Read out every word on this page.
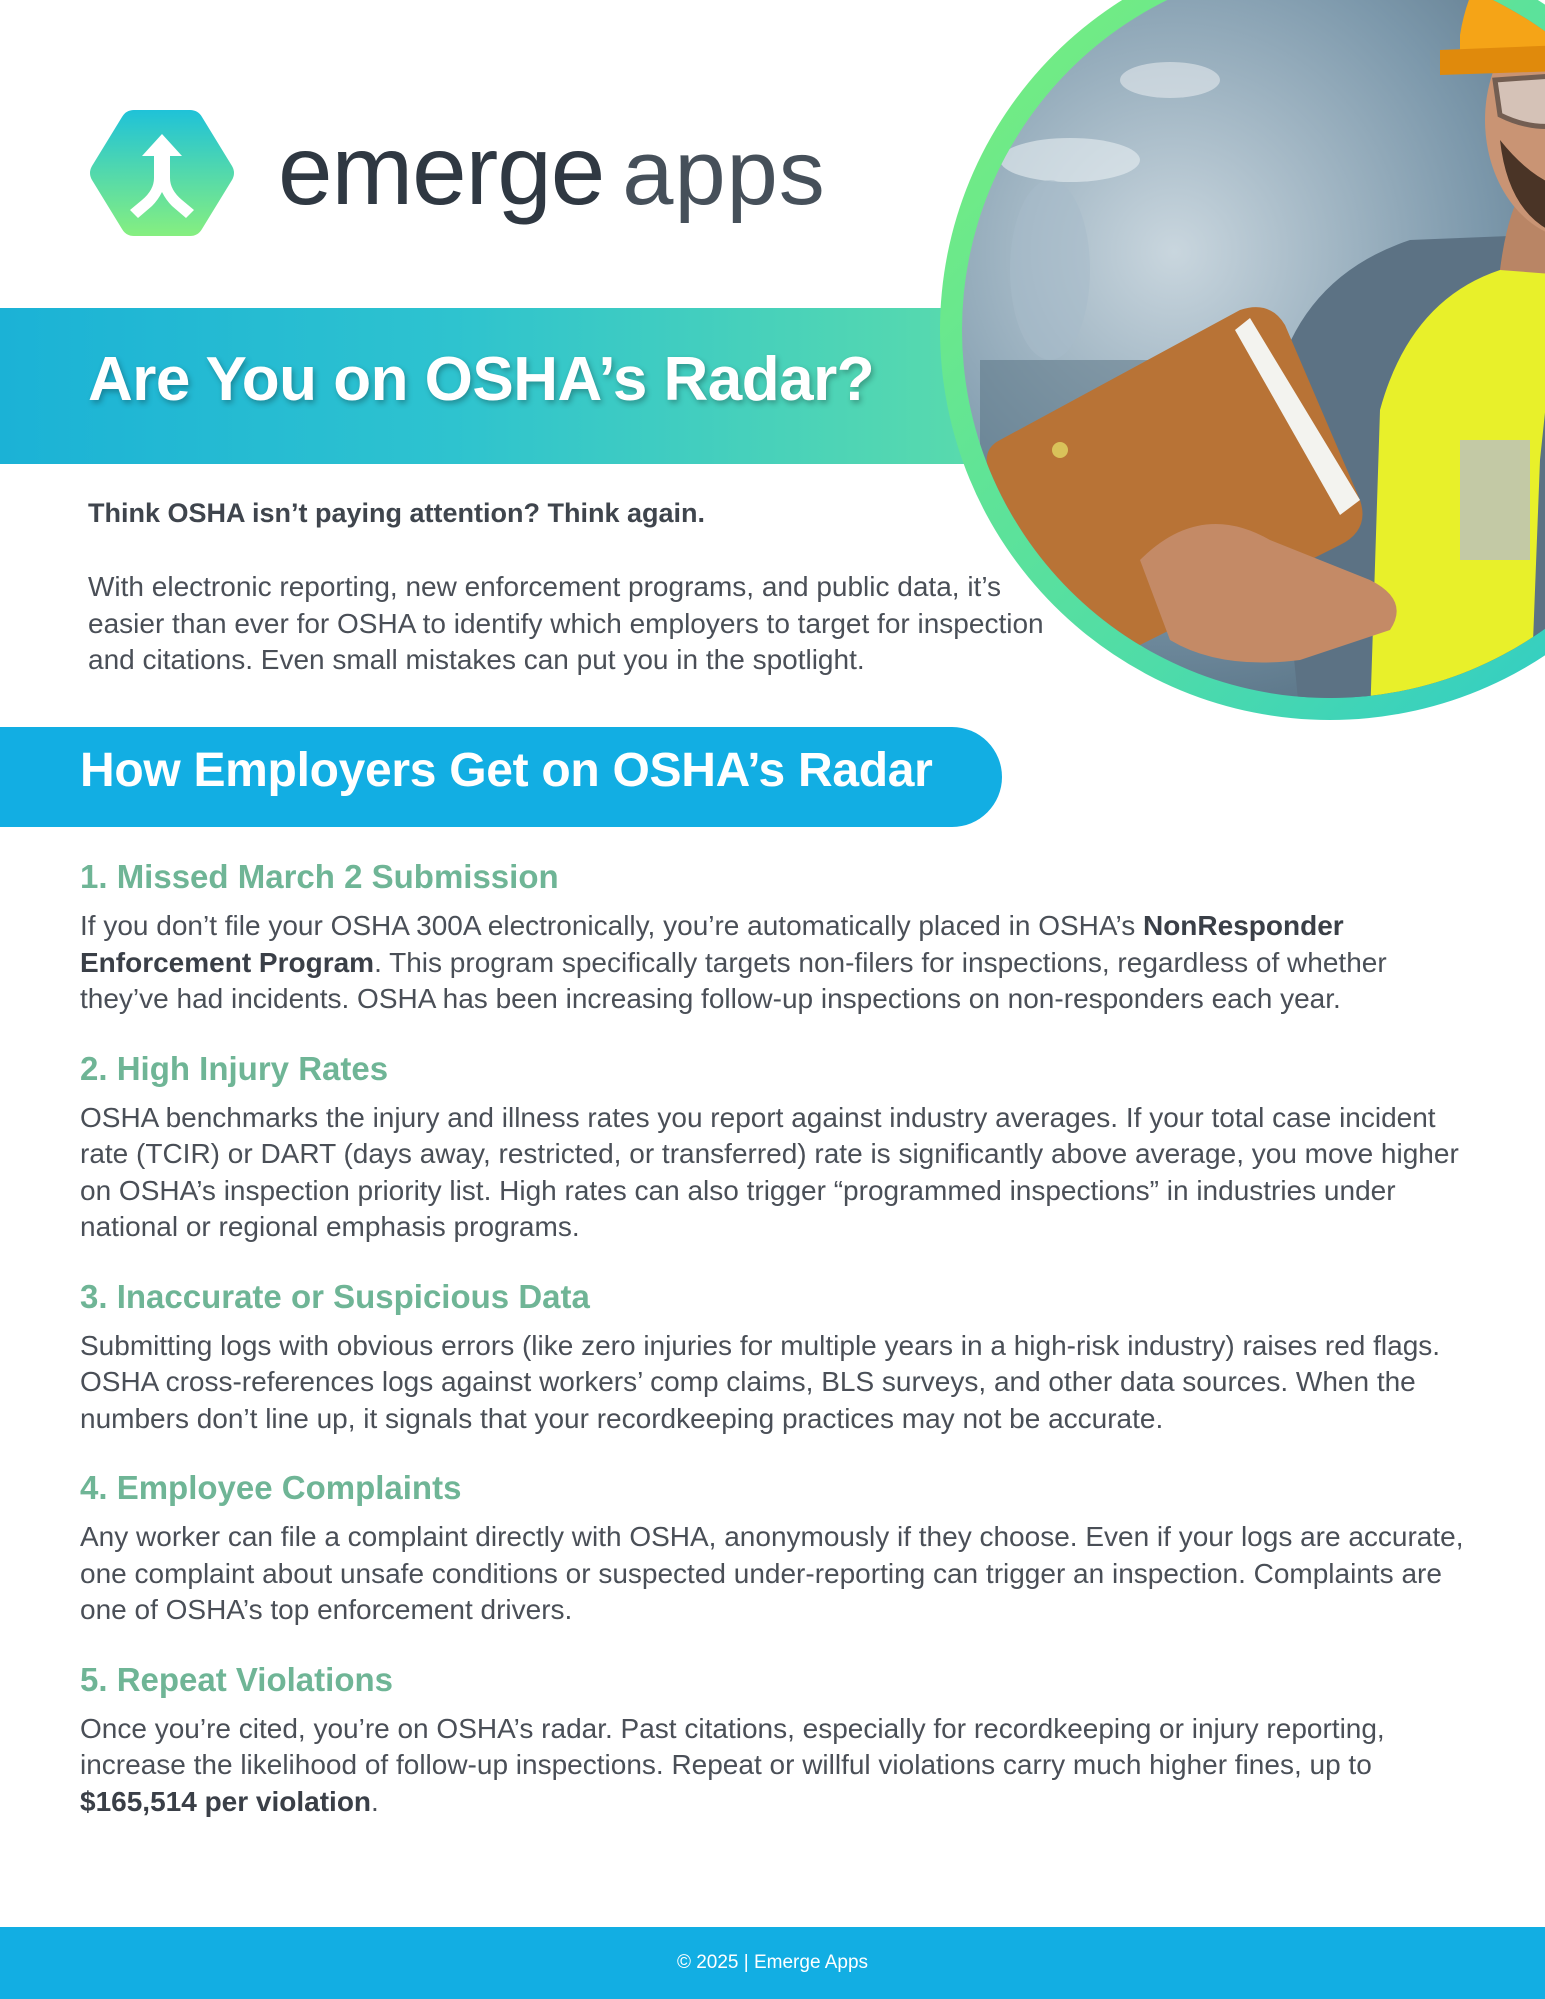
emerge apps
Are You on OSHA’s Radar?

Think OSHA isn’t paying attention? Think again.

With electronic reporting, new enforcement programs, and public data, it’s easier than ever for OSHA to identify which employers to target for inspection and citations. Even small mistakes can put you in the spotlight.

How Employers Get on OSHA’s Radar
1. Missed March 2 Submission

If you don’t file your OSHA 300A electronically, you’re automatically placed in OSHA’s NonResponder Enforcement Program. This program specifically targets non-filers for inspections, regardless of whether they’ve had incidents. OSHA has been increasing follow-up inspections on non-responders each year.

2. High Injury Rates

OSHA benchmarks the injury and illness rates you report against industry averages. If your total case incident rate (TCIR) or DART (days away, restricted, or transferred) rate is significantly above average, you move higher on OSHA’s inspection priority list. High rates can also trigger “programmed inspections” in industries under national or regional emphasis programs.

3. Inaccurate or Suspicious Data

Submitting logs with obvious errors (like zero injuries for multiple years in a high-risk industry) raises red flags. OSHA cross-references logs against workers’ comp claims, BLS surveys, and other data sources. When the numbers don’t line up, it signals that your recordkeeping practices may not be accurate.

4. Employee Complaints

Any worker can file a complaint directly with OSHA, anonymously if they choose. Even if your logs are accurate, one complaint about unsafe conditions or suspected under-reporting can trigger an inspection. Complaints are one of OSHA’s top enforcement drivers.

5. Repeat Violations

Once you’re cited, you’re on OSHA’s radar. Past citations, especially for recordkeeping or injury reporting, increase the likelihood of follow-up inspections. Repeat or willful violations carry much higher fines, up to $165,514 per violation.

© 2025 | Emerge Apps
